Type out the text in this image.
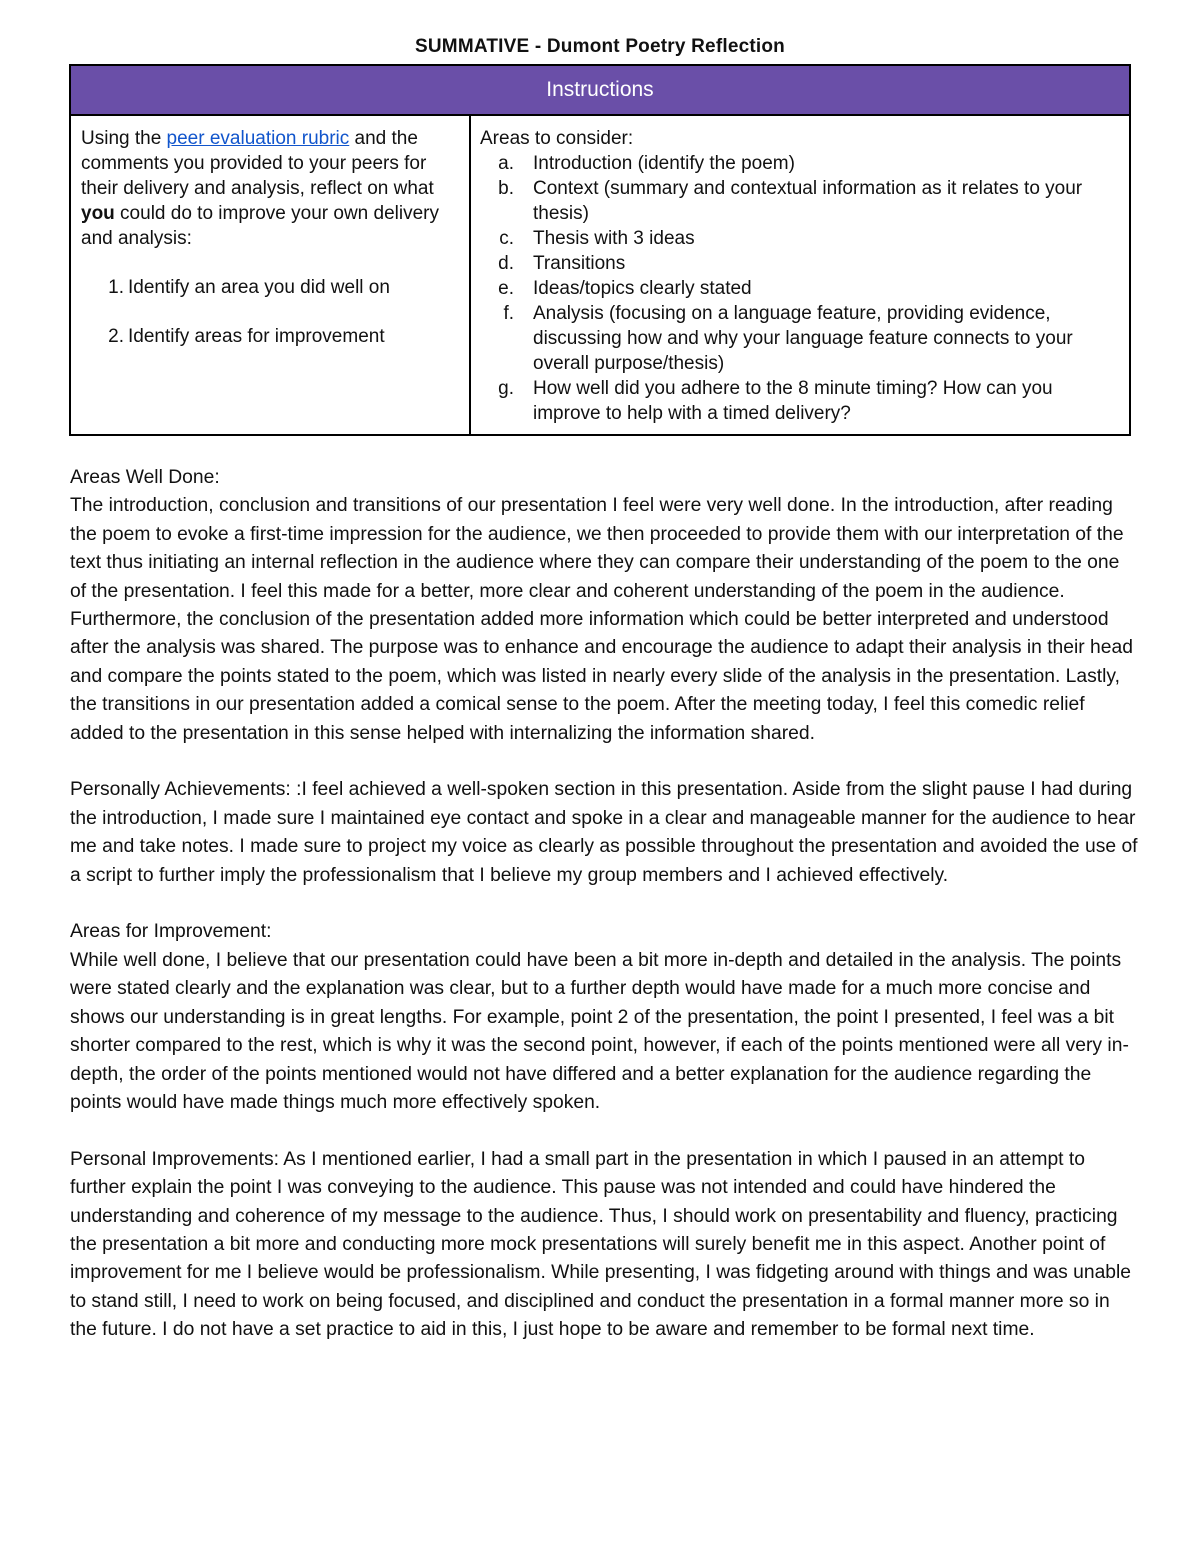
SUMMATIVE - Dumont Poetry Reflection
Instructions
Using the peer evaluation rubric and the comments you provided to your peers for their delivery and analysis, reflect on what you could do to improve your own delivery and analysis:
1. Identify an area you did well on
2. Identify areas for improvement
Areas to consider:
a.	Introduction (identify the poem)
b.	Context (summary and contextual information as it relates to your thesis)
c.	Thesis with 3 ideas
d.	Transitions
e.	Ideas/topics clearly stated
f.	Analysis (focusing on a language feature, providing evidence, discussing how and why your language feature connects to your overall purpose/thesis)
g.	How well did you adhere to the 8 minute timing? How can you improve to help with a timed delivery?

Areas Well Done:
The introduction, conclusion and transitions of our presentation I feel were very well done. In the introduction, after reading the poem to evoke a first-time impression for the audience, we then proceeded to provide them with our interpretation of the text thus initiating an internal reflection in the audience where they can compare their understanding of the poem to the one of the presentation. I feel this made for a better, more clear and coherent understanding of the poem in the audience. Furthermore, the conclusion of the presentation added more information which could be better interpreted and understood after the analysis was shared. The purpose was to enhance and encourage the audience to adapt their analysis in their head and compare the points stated to the poem, which was listed in nearly every slide of the analysis in the presentation. Lastly, the transitions in our presentation added a comical sense to the poem. After the meeting today, I feel this comedic relief added to the presentation in this sense helped with internalizing the information shared.

Personally Achievements: :I feel achieved a well-spoken section in this presentation. Aside from the slight pause I had during the introduction, I made sure I maintained eye contact and spoke in a clear and manageable manner for the audience to hear me and take notes. I made sure to project my voice as clearly as possible throughout the presentation and avoided the use of a script to further imply the professionalism that I believe my group members and I achieved effectively.

Areas for Improvement:
While well done, I believe that our presentation could have been a bit more in-depth and detailed in the analysis. The points were stated clearly and the explanation was clear, but to a further depth would have made for a much more concise and shows our understanding is in great lengths. For example, point 2 of the presentation, the point I presented, I feel was a bit shorter compared to the rest, which is why it was the second point, however, if each of the points mentioned were all very in-depth, the order of the points mentioned would not have differed and a better explanation for the audience regarding the points would have made things much more effectively spoken.

Personal Improvements: As I mentioned earlier, I had a small part in the presentation in which I paused in an attempt to further explain the point I was conveying to the audience. This pause was not intended and could have hindered the understanding and coherence of my message to the audience. Thus, I should work on presentability and fluency, practicing the presentation a bit more and conducting more mock presentations will surely benefit me in this aspect. Another point of improvement for me I believe would be professionalism. While presenting, I was fidgeting around with things and was unable to stand still, I need to work on being focused, and disciplined and conduct the presentation in a formal manner more so in the future. I do not have a set practice to aid in this, I just hope to be aware and remember to be formal next time.
